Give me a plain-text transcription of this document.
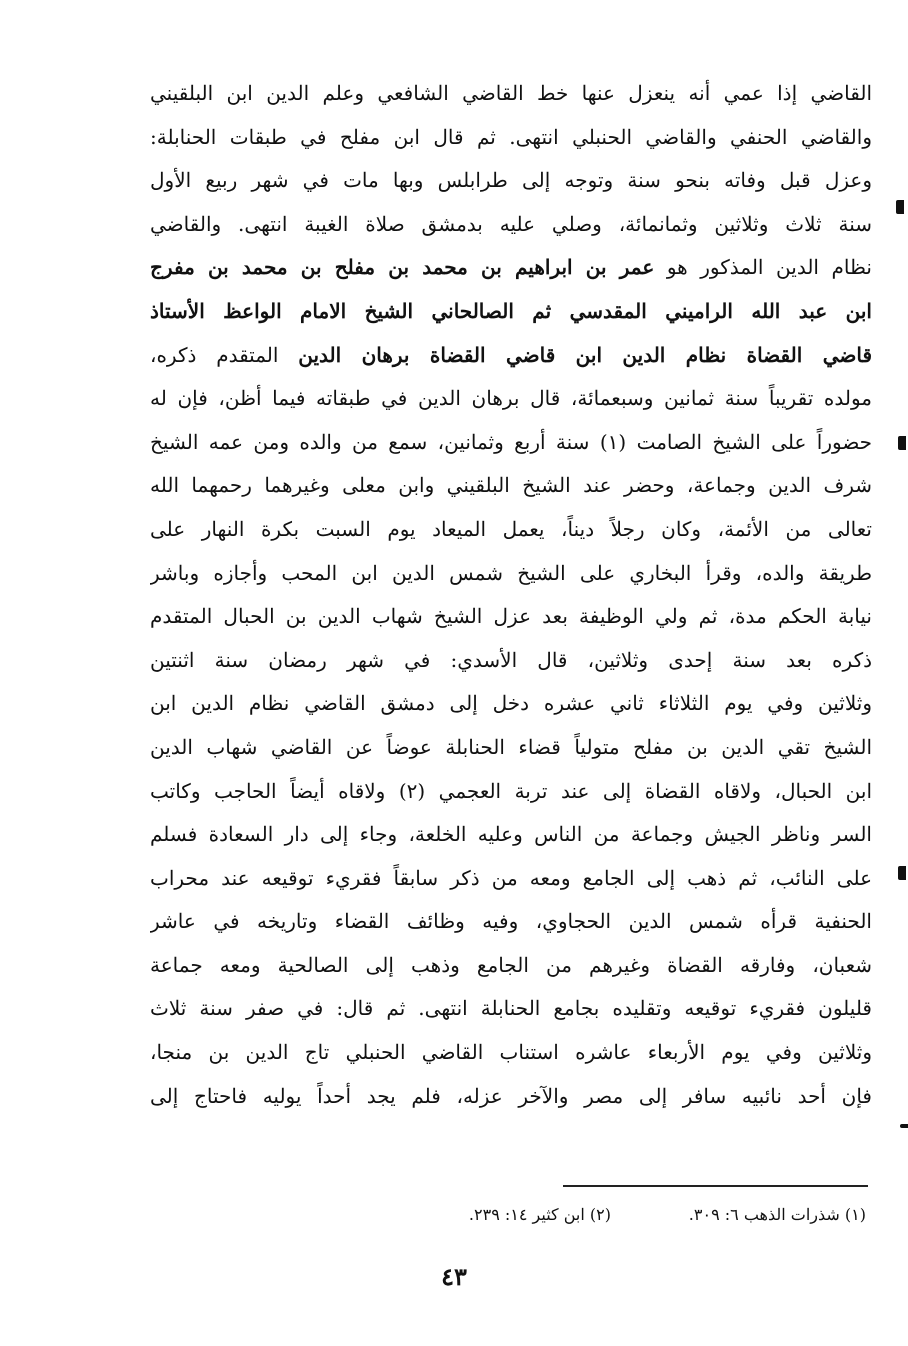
القاضي إذا عمي أنه ينعزل عنها خط القاضي الشافعي وعلم الدين ابن البلقيني
والقاضي الحنفي والقاضي الحنبلي انتهى. ثم قال ابن مفلح في طبقات الحنابلة:
وعزل قبل وفاته بنحو سنة وتوجه إلى طرابلس وبها مات في شهر ربيع الأول
سنة ثلاث وثلاثين وثمانمائة، وصلي عليه بدمشق صلاة الغيبة انتهى. والقاضي
نظام الدين المذكور هو عمر بن ابراهيم بن محمد بن مفلح بن محمد بن مفرج
ابن عبد الله الراميني المقدسي ثم الصالحاني الشيخ الامام الواعظ الأستاذ
قاضي القضاة نظام الدين ابن قاضي القضاة برهان الدين المتقدم ذكره،
مولده تقريباً سنة ثمانين وسبعمائة، قال برهان الدين في طبقاته فيما أظن، فإن له
حضوراً على الشيخ الصامت (١) سنة أربع وثمانين، سمع من والده ومن عمه الشيخ
شرف الدين وجماعة، وحضر عند الشيخ البلقيني وابن معلى وغيرهما رحمهما الله
تعالى من الأئمة، وكان رجلاً ديناً، يعمل الميعاد يوم السبت بكرة النهار على
طريقة والده، وقرأ البخاري على الشيخ شمس الدين ابن المحب وأجازه وباشر
نيابة الحكم مدة، ثم ولي الوظيفة بعد عزل الشيخ شهاب الدين بن الحبال المتقدم
ذكره بعد سنة إحدى وثلاثين، قال الأسدي: في شهر رمضان سنة اثنتين
وثلاثين وفي يوم الثلاثاء ثاني عشره دخل إلى دمشق القاضي نظام الدين ابن
الشيخ تقي الدين بن مفلح متولياً قضاء الحنابلة عوضاً عن القاضي شهاب الدين
ابن الحبال، ولاقاه القضاة إلى عند تربة العجمي (٢) ولاقاه أيضاً الحاجب وكاتب
السر وناظر الجيش وجماعة من الناس وعليه الخلعة، وجاء إلى دار السعادة فسلم
على النائب، ثم ذهب إلى الجامع ومعه من ذكر سابقاً فقريء توقيعه عند محراب
الحنفية قرأه شمس الدين الحجاوي، وفيه وظائف القضاء وتاريخه في عاشر
شعبان، وفارقه القضاة وغيرهم من الجامع وذهب إلى الصالحية ومعه جماعة
قليلون فقريء توقيعه وتقليده بجامع الحنابلة انتهى. ثم قال: في صفر سنة ثلاث
وثلاثين وفي يوم الأربعاء عاشره استناب القاضي الحنبلي تاج الدين بن منجا،
فإن أحد نائبيه سافر إلى مصر والآخر عزله، فلم يجد أحداً يوليه فاحتاج إلى
(١) شذرات الذهب ٦: ٣٠٩.
(٢) ابن كثير ١٤: ٢٣٩.
٤٣
